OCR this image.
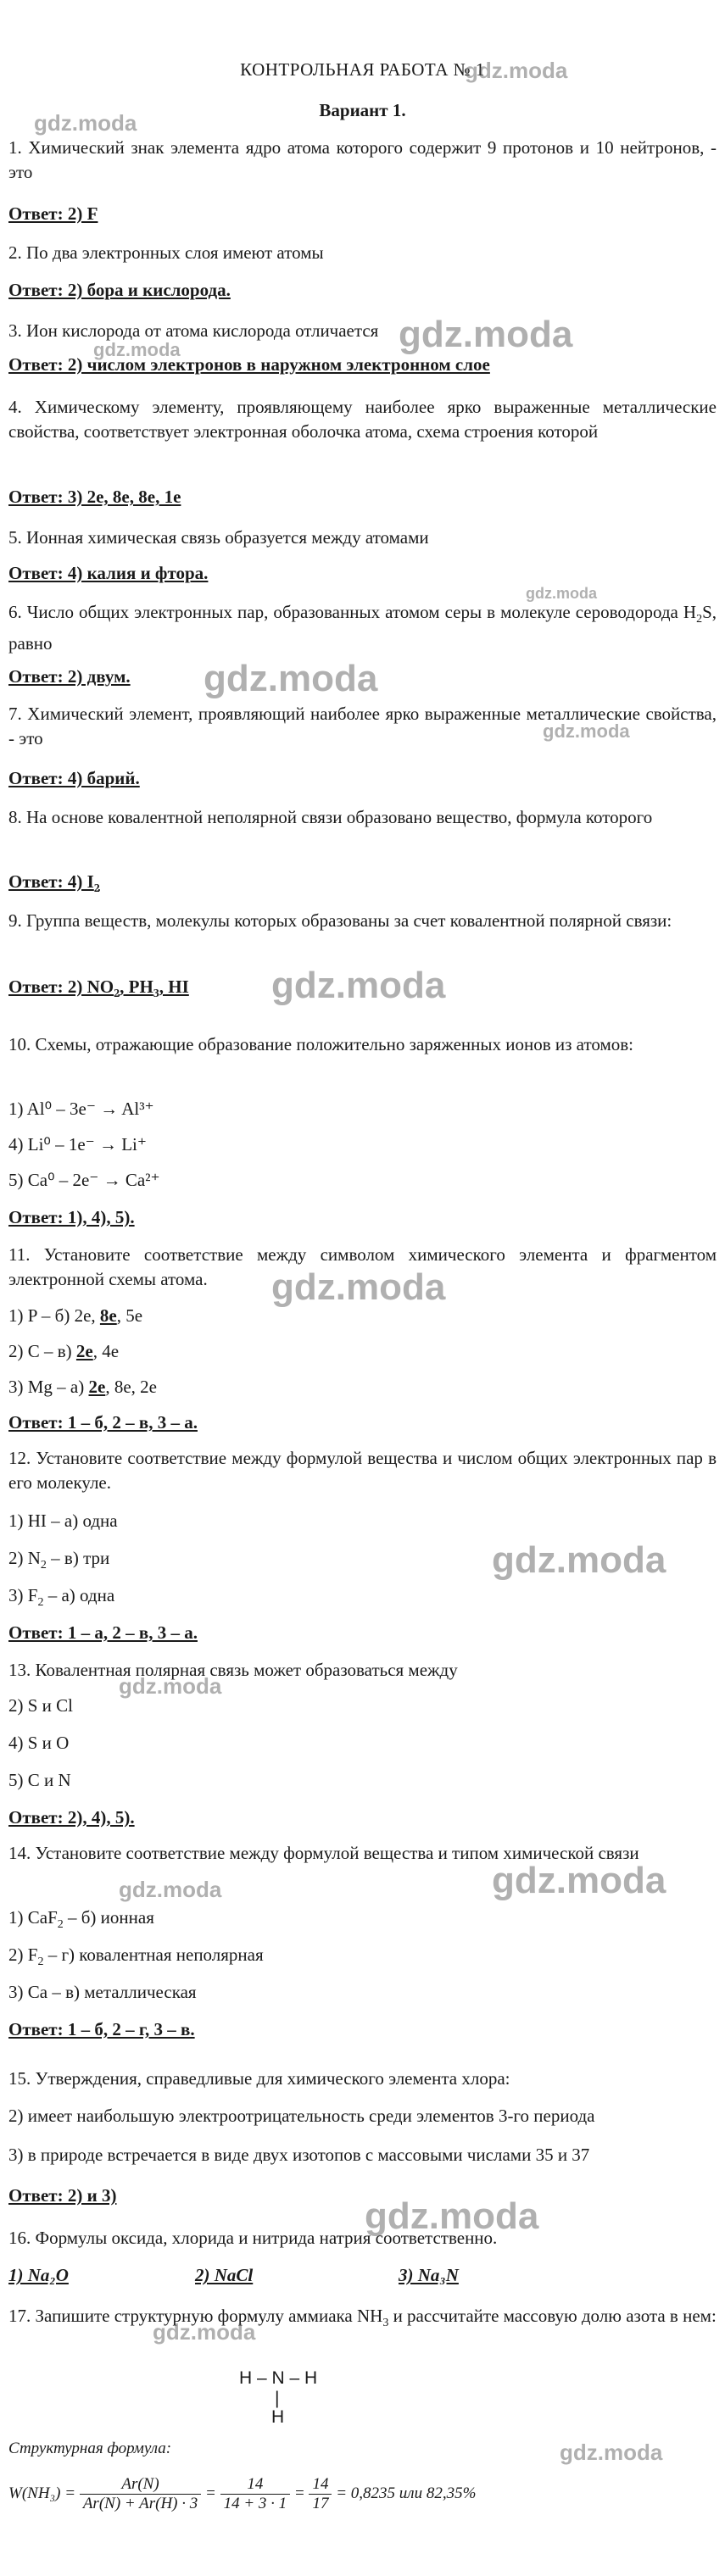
КОНТРОЛЬНАЯ РАБОТА № 1
Вариант 1.
1. Химический знак элемента ядро атома которого содержит 9 протонов и 10 нейтронов, - это
Ответ: 2) F
2. По два электронных слоя имеют атомы
Ответ: 2) бора и кислорода.
3. Ион кислорода от атома кислорода отличается
Ответ: 2) числом электронов в наружном электронном слое
4. Химическому элементу, проявляющему наиболее ярко выраженные металлические свойства, соответствует электронная оболочка атома, схема строения которой
Ответ: 3) 2е, 8е, 8е, 1е
5. Ионная химическая связь образуется между атомами
Ответ: 4) калия и фтора.
6. Число общих электронных пар, образованных атомом серы в молекуле сероводорода $H_2S$, равно
Ответ: 2) двум.
7. Химический элемент, проявляющий наиболее ярко выраженные металлические свойства, - это
Ответ: 4) барий.
8. На основе ковалентной неполярной связи образовано вещество, формула которого
Ответ: 4) $I_2$
9. Группа веществ, молекулы которых образованы за счет ковалентной полярной связи:
Ответ: 2) $NO_2$, $PH_3$, HI
10. Схемы, отражающие образование положительно заряженных ионов из атомов:
1) Al⁰ – 3e⁻ → Al³⁺
4) Li⁰ – 1e⁻ → Li⁺
5) Ca⁰ – 2e⁻ → Ca²⁺
Ответ: 1), 4), 5).
11. Установите соответствие между символом химического элемента и фрагментом электронной схемы атома.
1) P – б) 2e, 8e, 5e
2) C – в) 2e, 4e
3) Mg – а) 2e, 8e, 2e
Ответ: 1 – б, 2 – в, 3 – а.
12. Установите соответствие между формулой вещества и числом общих электронных пар в его молекуле.
1) HI – а) одна
2) $N_2 - в$) три
3) $F_2 - а$) одна
Ответ: 1 – а, 2 – в, 3 – а.
13. Ковалентная полярная связь может образоваться между
2) S и Cl
4) S и O
5) C и N
Ответ: 2), 4), 5).
14. Установите соответствие между формулой вещества и типом химической связи
1) CaF$_2$ – б) ионная
2) $F_2 - г$) ковалентная неполярная
3) Ca – в) металлическая
Ответ: 1 – б, 2 – г, 3 – в.
15. Утверждения, справедливые для химического элемента хлора:
2) имеет наибольшую электроотрицательность среди элементов 3-го периода
3) в природе встречается в виде двух изотопов с массовыми числами 35 и 37
Ответ: 2) и 3)
16. Формулы оксида, хлорида и нитрида натрия соответственно.
1) Na₂O	2) NaCl	3) Na₃N
17. Запишите структурную формулу аммиака $NH_3$ и рассчитайте массовую долю азота в нем:
H – N – H
|
H
Структурная формула:
$W(NH_3) = \frac{Ar(N)}{Ar(N) + Ar(H) \cdot 3} = \frac{14}{14 + 3 \cdot 1} = \frac{14}{17} = 0,8235$ или 82,35%
gdz.moda
gdz.moda
gdz.moda
gdz.moda
gdz.moda
gdz.moda
gdz.moda
gdz.moda
gdz.moda
gdz.moda
gdz.moda
gdz.moda	gdz.moda
gdz.moda
gdz.moda
gdz.moda
